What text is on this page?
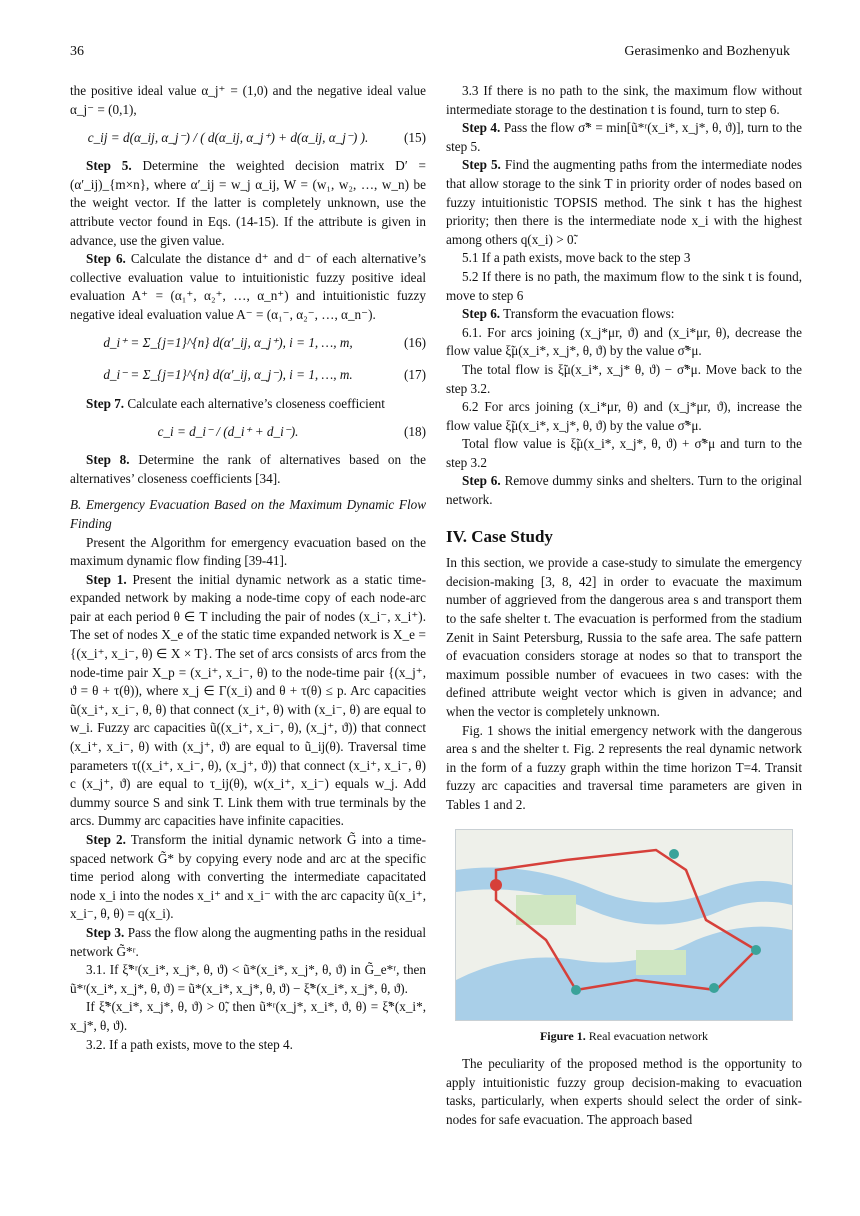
36	Gerasimenko and Bozhenyuk

the positive ideal value α_j⁺ = (1,0) and the negative ideal value α_j⁻ = (0,1),

c_ij = d(α_ij, α_j⁻) / ( d(α_ij, α_j⁺) + d(α_ij, α_j⁻) ).	(15)

Step 5. Determine the weighted decision matrix D′ = (α′_ij)_{m×n}, where α′_ij = w_j α_ij, W = (w₁, w₂, …, w_n) be the weight vector. If the latter is completely unknown, use the attribute vector found in Eqs. (14-15). If the attribute is given in advance, use the given value.

Step 6. Calculate the distance d⁺ and d⁻ of each alternative’s collective evaluation value to intuitionistic fuzzy positive ideal evaluation A⁺ = (α₁⁺, α₂⁺, …, α_n⁺) and intuitionistic fuzzy negative ideal evaluation value A⁻ = (α₁⁻, α₂⁻, …, α_n⁻).

d_i⁺ = Σ_{j=1}^{n} d(α′_ij, α_j⁺), i = 1, …, m,	(16)
d_i⁻ = Σ_{j=1}^{n} d(α′_ij, α_j⁻), i = 1, …, m.	(17)

Step 7. Calculate each alternative’s closeness coefficient

c_i = d_i⁻ / (d_i⁺ + d_i⁻).	(18)

Step 8. Determine the rank of alternatives based on the alternatives’ closeness coefficients [34].

B. Emergency Evacuation Based on the Maximum Dynamic Flow Finding

Present the Algorithm for emergency evacuation based on the maximum dynamic flow finding [39-41].

Step 1. Present the initial dynamic network as a static time-expanded network by making a node-time copy of each node-arc pair at each period θ ∈ T including the pair of nodes (x_i⁻, x_i⁺). The set of nodes X_e of the static time expanded network is X_e = {(x_i⁺, x_i⁻, θ) ∈ X × T}. The set of arcs consists of arcs from the node-time pair X_p = (x_i⁺, x_i⁻, θ) to the node-time pair {(x_j⁺, ϑ = θ + τ(θ)), where x_j ∈ Γ(x_i) and θ + τ(θ) ≤ p. Arc capacities ũ(x_i⁺, x_i⁻, θ, θ) that connect (x_i⁺, θ) with (x_i⁻, θ) are equal to w_i. Fuzzy arc capacities ũ((x_i⁺, x_i⁻, θ), (x_j⁺, ϑ)) that connect (x_i⁺, x_i⁻, θ) with (x_j⁺, ϑ) are equal to ũ_ij(θ). Traversal time parameters τ((x_i⁺, x_i⁻, θ), (x_j⁺, ϑ)) that connect (x_i⁺, x_i⁻, θ) c (x_j⁺, ϑ) are equal to τ_ij(θ), w(x_i⁺, x_i⁻) equals w_j. Add dummy source S and sink T. Link them with true terminals by the arcs. Dummy arc capacities have infinite capacities.

Step 2. Transform the initial dynamic network G̃ into a time-spaced network G̃* by copying every node and arc at the specific time period along with converting the intermediate capacitated node x_i into the nodes x_i⁺ and x_i⁻ with the arc capacity ũ(x_i⁺, x_i⁻, θ, θ) = q(x_i).

Step 3. Pass the flow along the augmenting paths in the residual network G̃*ʳ.

3.1. If ξ̃*ʳ(x_i*, x_j*, θ, ϑ) < ũ*(x_i*, x_j*, θ, ϑ) in G̃_e*ʳ, then ũ*ʳ(x_i*, x_j*, θ, ϑ) = ũ*(x_i*, x_j*, θ, ϑ) − ξ̃*(x_i*, x_j*, θ, ϑ).

If ξ̃*(x_i*, x_j*, θ, ϑ) > 0̃, then ũ*ʳ(x_j*, x_i*, ϑ, θ) = ξ̃*(x_i*, x_j*, θ, ϑ).

3.2. If a path exists, move to the step 4.

3.3 If there is no path to the sink, the maximum flow without intermediate storage to the destination t is found, turn to step 6.

Step 4. Pass the flow σ̃* = min[ũ*ʳ(x_i*, x_j*, θ, ϑ)], turn to the step 5.

Step 5. Find the augmenting paths from the intermediate nodes that allow storage to the sink T in priority order of nodes based on fuzzy intuitionistic TOPSIS method. The sink t has the highest priority; then there is the intermediate node x_i with the highest among others q(x_i) > 0̃.

5.1 If a path exists, move back to the step 3

5.2 If there is no path, the maximum flow to the sink t is found, move to step 6

Step 6. Transform the evacuation flows:

6.1. For arcs joining (x_j*μr, ϑ) and (x_i*μr, θ), decrease the flow value ξ̃μ(x_i*, x_j*, θ, ϑ) by the value σ̃*μ.

The total flow is ξ̃μ(x_i*, x_j* θ, ϑ) − σ̃*μ. Move back to the step 3.2.

6.2 For arcs joining (x_i*μr, θ) and (x_j*μr, ϑ), increase the flow value ξ̃μ(x_i*, x_j*, θ, ϑ) by the value σ̃*μ.

Total flow value is ξ̃μ(x_i*, x_j*, θ, ϑ) + σ̃*μ and turn to the step 3.2

Step 6. Remove dummy sinks and shelters. Turn to the original network.

IV. Case Study

In this section, we provide a case-study to simulate the emergency decision-making [3, 8, 42] in order to evacuate the maximum number of aggrieved from the dangerous area s and transport them to the safe shelter t. The evacuation is performed from the stadium Zenit in Saint Petersburg, Russia to the safe area. The safe pattern of evacuation considers storage at nodes so that to transport the maximum possible number of evacuees in two cases: with the defined attribute weight vector which is given in advance; and when the vector is completely unknown.

Fig. 1 shows the initial emergency network with the dangerous area s and the shelter t. Fig. 2 represents the real dynamic network in the form of a fuzzy graph within the time horizon T=4. Transit fuzzy arc capacities and traversal time parameters are given in Tables 1 and 2.

Figure 1. Real evacuation network

The peculiarity of the proposed method is the opportunity to apply intuitionistic fuzzy group decision-making to evacuation tasks, particularly, when experts should select the order of sink-nodes for safe evacuation. The approach based
